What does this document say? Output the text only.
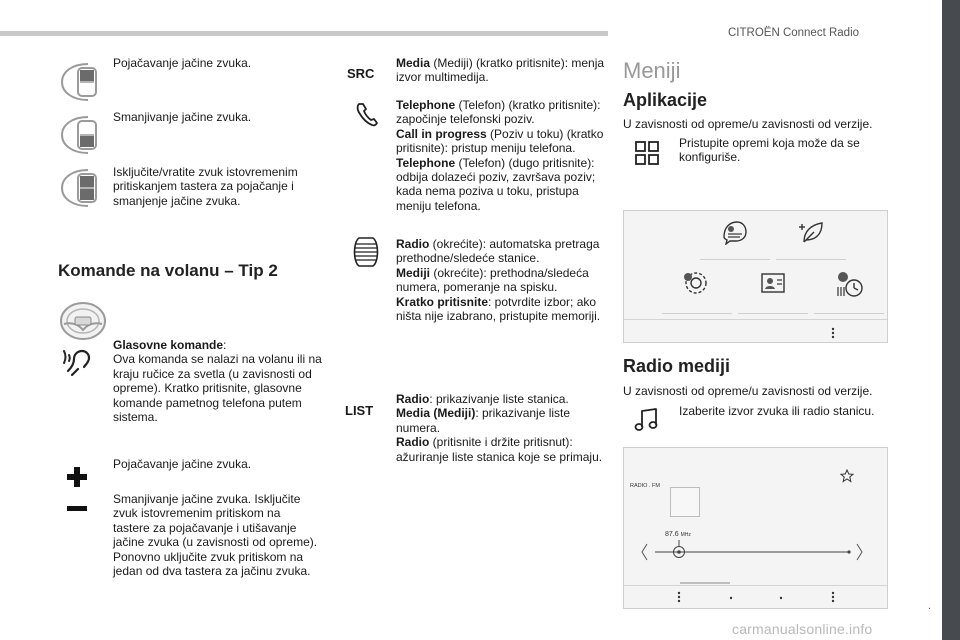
CITROËN Connect Radio
.
carmanualsonline.info
Pojačavanje jačine zvuka.
Smanjivanje jačine zvuka.
Isključite/vratite zvuk istovremenim pritiskanjem tastera za pojačanje i smanjenje jačine zvuka.
Komande na volanu – Tip 2
Glasovne komande:
Ova komanda se nalazi na volanu ili na kraju ručice za svetla (u zavisnosti od opreme). Kratko pritisnite, glasovne komande pametnog telefona putem sistema.
Pojačavanje jačine zvuka.
Smanjivanje jačine zvuka. Isključite zvuk istovremenim pritiskom na tastere za pojačavanje i utišavanje jačine zvuka (u zavisnosti od opreme). Ponovno uključite zvuk pritiskom na jedan od dva tastera za jačinu zvuka.
SRC
Media (Mediji) (kratko pritisnite): menja izvor multimedija.
Telephone (Telefon) (kratko pritisnite): započinje telefonski poziv.
Call in progress (Poziv u toku) (kratko pritisnite): pristup meniju telefona.
Telephone (Telefon) (dugo pritisnite): odbija dolazeći poziv, završava poziv; kada nema poziva u toku, pristupa meniju telefona.
Radio (okrećite): automatska pretraga prethodne/sledeće stanice.
Mediji (okrećite): prethodna/sledeća numera, pomeranje na spisku.
Kratko pritisnite: potvrdite izbor; ako ništa nije izabrano, pristupite memoriji.
LIST
Radio: prikazivanje liste stanica.
Media (Mediji): prikazivanje liste numera.
Radio (pritisnite i držite pritisnut): ažuriranje liste stanica koje se primaju.
Meniji
Aplikacije
U zavisnosti od opreme/u zavisnosti od verzije.
Pristupite opremi koja može da se konfiguriše.
Radio mediji
U zavisnosti od opreme/u zavisnosti od verzije.
Izaberite izvor zvuka ili radio stanicu.
RADIO . FM
87.6 MHz
